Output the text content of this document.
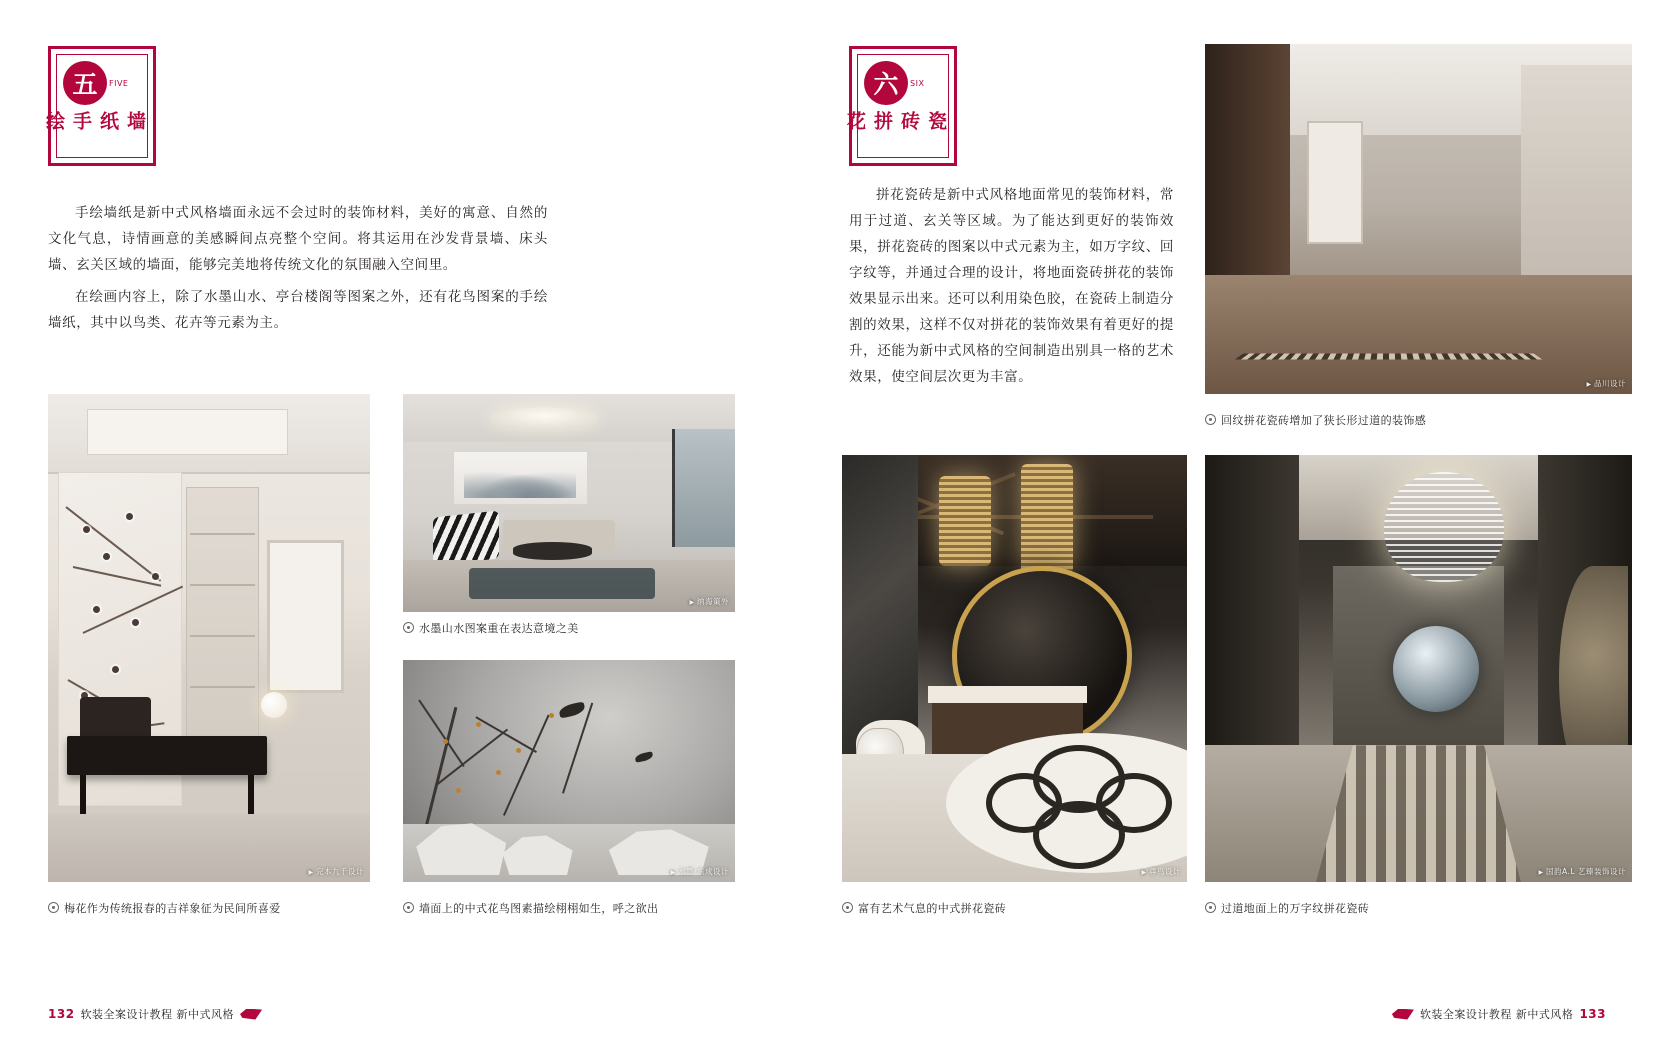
五	FIVE
墙
纸
手
绘

手绘墙纸是新中式风格墙面永远不会过时的装饰材料，美好的寓意、自然的文化气息，诗情画意的美感瞬间点亮整个空间。将其运用在沙发背景墙、床头墙、玄关区域的墙面，能够完美地将传统文化的氛围融入空间里。

在绘画内容上，除了水墨山水、亭台楼阁等图案之外，还有花鸟图案的手绘墙纸，其中以鸟类、花卉等元素为主。

▶ 完本九千设计
梅花作为传统报春的吉祥象征为民间所喜爱
▶ 纳海策外
水墨山水图案重在表达意境之美
▶ 水墨·东成设计
墙面上的中式花鸟图素描绘栩栩如生，呼之欲出
132 软装全案设计教程 新中式风格
六	SIX
瓷
砖
拼
花

拼花瓷砖是新中式风格地面常见的装饰材料，常用于过道、玄关等区域。为了能达到更好的装饰效果，拼花瓷砖的图案以中式元素为主，如万字纹、回字纹等，并通过合理的设计，将地面瓷砖拼花的装饰效果显示出来。还可以利用染色胶，在瓷砖上制造分割的效果，这样不仅对拼花的装饰效果有着更好的提升，还能为新中式风格的空间制造出别具一格的艺术效果，使空间层次更为丰富。	▶ 品川设计
回纹拼花瓷砖增加了狭长形过道的装饰感
▶ 尊鸟设计
富有艺术气息的中式拼花瓷砖
▶ 国韵A.L 艺臻装饰设计
过道地面上的万字纹拼花瓷砖
软装全案设计教程 新中式风格 133
